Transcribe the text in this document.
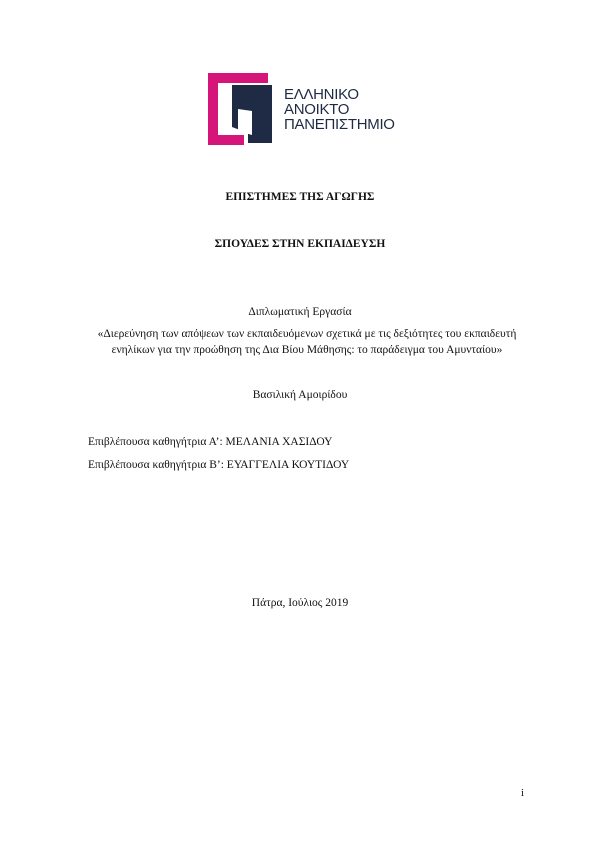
ΕΛΛΗΝΙΚΟ
ΑΝΟΙΚΤΟ
ΠΑΝΕΠΙΣΤΗΜΙΟ
ΕΠΙΣΤΗΜΕΣ ΤΗΣ ΑΓΩΓΗΣ
ΣΠΟΥΔΕΣ ΣΤΗΝ ΕΚΠΑΙΔΕΥΣΗ
Διπλωματική Εργασία
«Διερεύνηση των απόψεων των εκπαιδευόμενων σχετικά με τις δεξιότητες του εκπαιδευτή ενηλίκων για την προώθηση της Δια Βίου Μάθησης: το παράδειγμα του Αμυνταίου»
Βασιλική Αμοιρίδου
Επιβλέπουσα καθηγήτρια Α’: ΜΕΛΑΝΙΑ ΧΑΣΙΔΟΥ
Επιβλέπουσα καθηγήτρια Β’: ΕΥΑΓΓΕΛΙΑ ΚΟΥΤΙΔΟΥ
Πάτρα, Ιούλιος 2019
i
